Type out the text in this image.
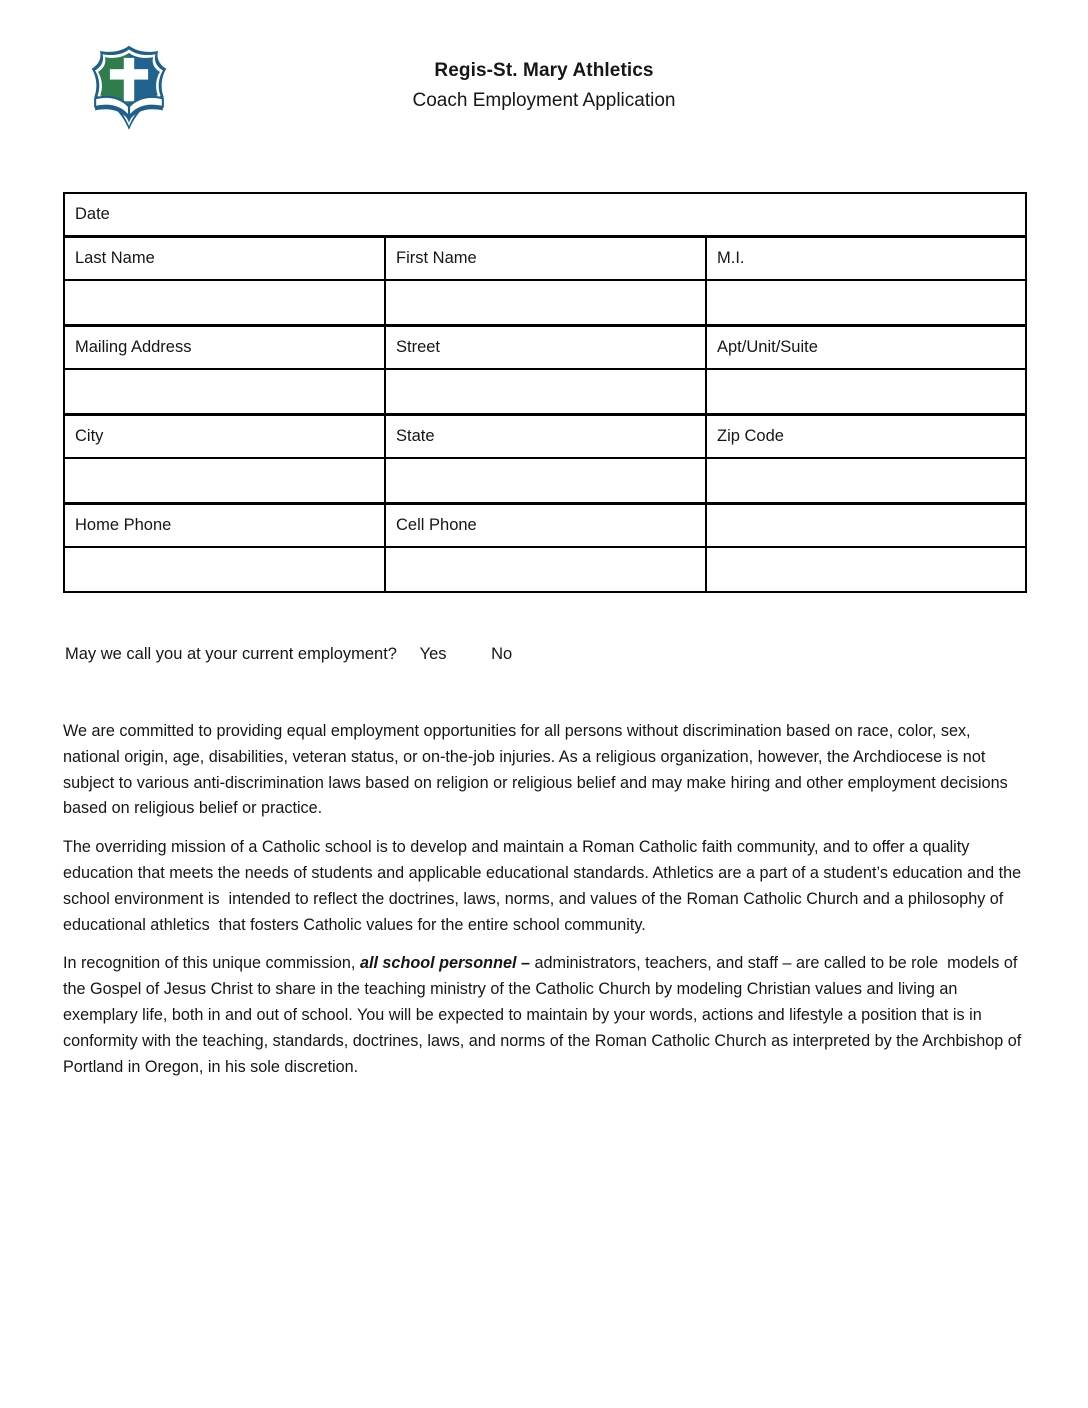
Regis-St. Mary Athletics
Coach Employment Application
Date		
Last Name	First Name	M.I.

Mailing Address	Street	Apt/Unit/Suite

City	State	Zip Code

Home Phone	Cell Phone	

May we call you at your current employment? Yes	No

We are committed to providing equal employment opportunities for all persons without discrimination based on race, color, sex, national origin, age, disabilities, veteran status, or on-the-job injuries. As a religious organization, however, the Archdiocese is not subject to various anti-discrimination laws based on religion or religious belief and may make hiring and other employment decisions based on religious belief or practice.

The overriding mission of a Catholic school is to develop and maintain a Roman Catholic faith community, and to offer a quality education that meets the needs of students and applicable educational standards. Athletics are a part of a student’s education and the school environment is  intended to reflect the doctrines, laws, norms, and values of the Roman Catholic Church and a philosophy of educational athletics  that fosters Catholic values for the entire school community.

In recognition of this unique commission, all school personnel – administrators, teachers, and staff – are called to be role  models of the Gospel of Jesus Christ to share in the teaching ministry of the Catholic Church by modeling Christian values and living an exemplary life, both in and out of school. You will be expected to maintain by your words, actions and lifestyle a position that is in conformity with the teaching, standards, doctrines, laws, and norms of the Roman Catholic Church as interpreted by the Archbishop of Portland in Oregon, in his sole discretion.
